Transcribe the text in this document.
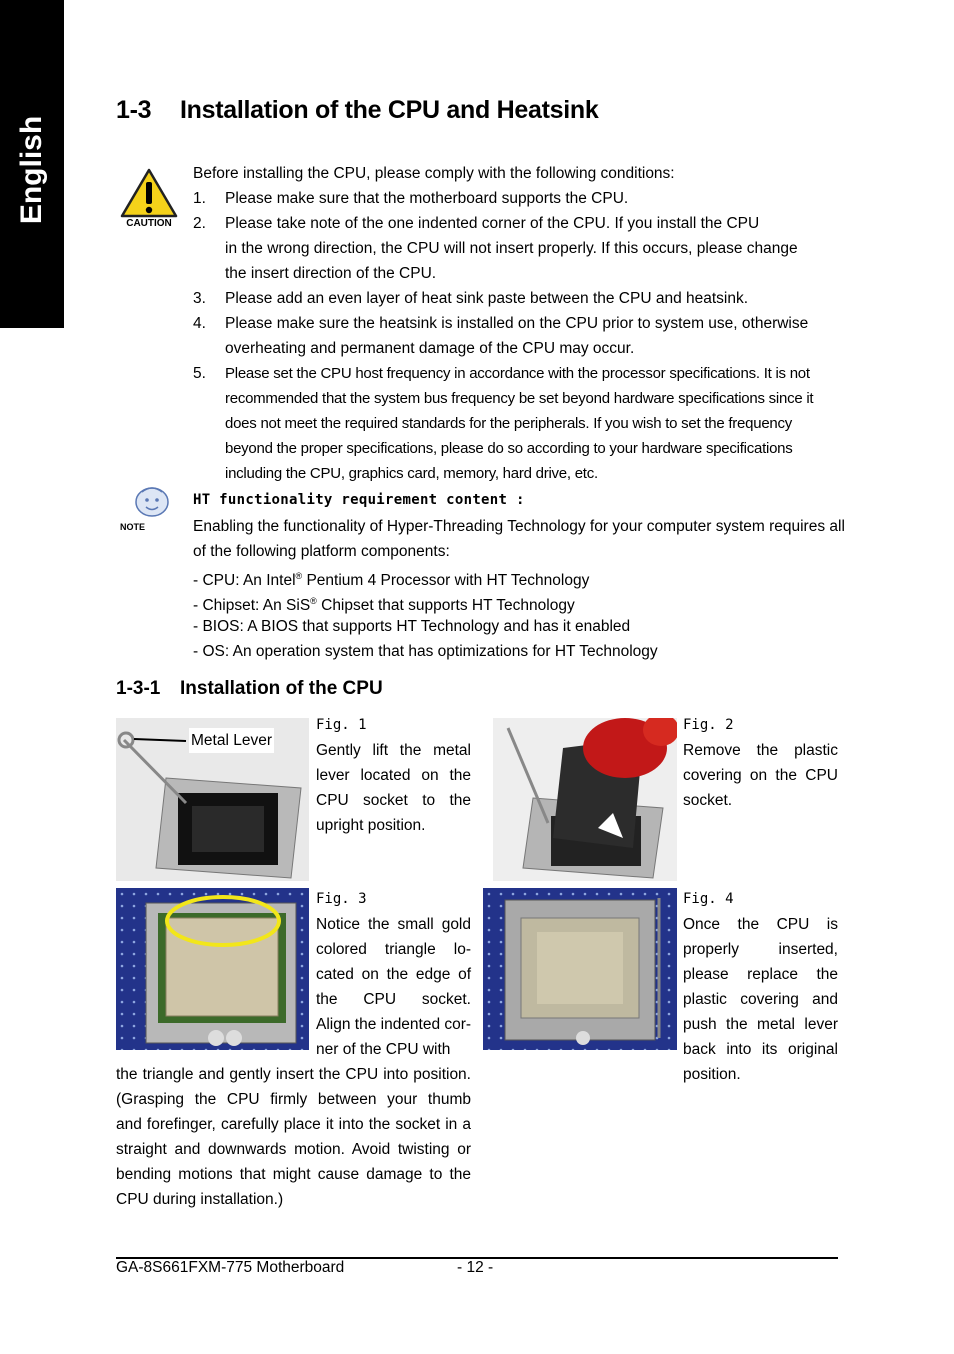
English
1-3 Installation of the CPU and Heatsink
CAUTION
Before installing the CPU, please comply with the following conditions:
1. Please make sure that the motherboard supports the CPU.
2. Please take note of the one indented corner of the CPU. If you install the CPU
in the wrong direction, the CPU will not insert properly. If this occurs, please change
the insert direction of the CPU.
3. Please add an even layer of heat sink paste between the CPU and heatsink.
4. Please make sure the heatsink is installed on the CPU prior to system use, otherwise
overheating and permanent damage of the CPU may occur.
5. Please set the CPU host frequency in accordance with the processor specifications. It is not
recommended that the system bus frequency be set beyond hardware specifications since it
does not meet the required standards for the peripherals. If you wish to set the frequency
beyond the proper specifications, please do so according to your hardware specifications
including the CPU, graphics card, memory, hard drive, etc.
NOTE
HT functionality requirement content :
Enabling the functionality of Hyper-Threading Technology for your computer system requires all
of the following platform components:
- CPU: An Intel® Pentium 4 Processor with HT Technology
- Chipset: An SiS® Chipset that supports HT Technology
- BIOS: A BIOS that supports HT Technology and has it enabled
- OS: An operation system that has optimizations for HT Technology
1-3-1 Installation of the CPU
Metal Lever
Fig. 1
Gently lift the metal
lever located on the
CPU socket to the
upright position.
Fig. 2
Remove the plastic
covering on the CPU
socket.
Fig. 3
Notice the small gold
colored triangle lo-
cated on the edge of
the CPU socket.
Align the indented cor-
ner of the CPU with
the triangle and gently insert the CPU into position.
(Grasping the CPU firmly between your thumb
and forefinger, carefully place it into the socket in a
straight and downwards motion. Avoid twisting or
bending motions that might cause damage to the
CPU during installation.)
Fig. 4
Once the CPU is
properly inserted,
please replace the
plastic covering and
push the metal lever
back into its original
position.
GA-8S661FXM-775 Motherboard	- 12 -
